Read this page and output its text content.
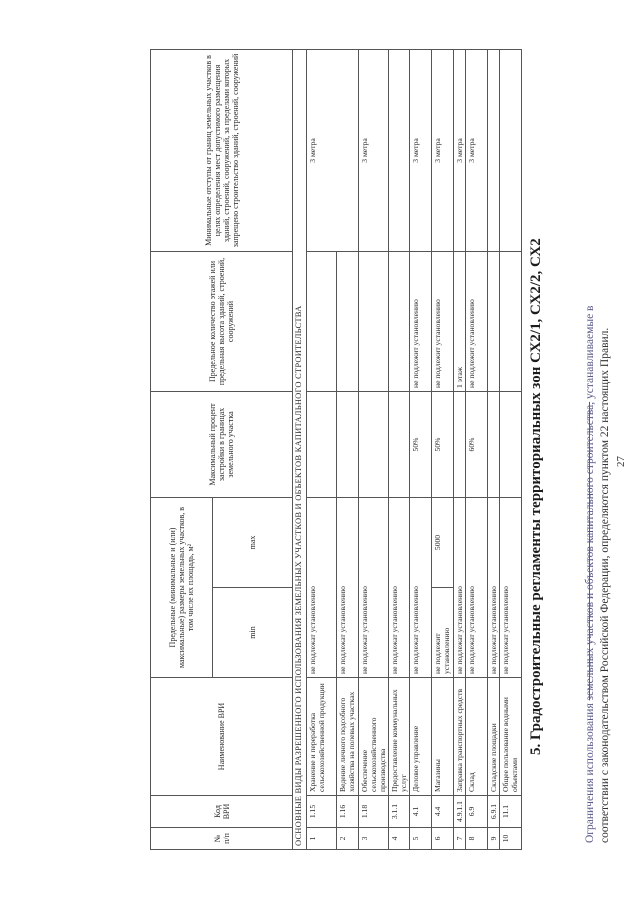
27
Ограничения использования земельных участков и объектов капитального строительства, устанавливаемые в соответствии с законодательством Российской Федерации, определяются пунктом 22 настоящих Правил.
5. Градостроительные регламенты территориальных зон СХ2/1, СХ2/2, СХ2
№ п/п	Код ВРИ	Наименование ВРИ	Предельные (минимальные и (или) максимальные) размеры земельных участков, в том числе их площадь, м²		Максимальный процент застройки в границах земельного участка	Предельное количество этажей или предельная высота зданий, строений, сооружений	Минимальные отступы от границ земельных участков в целях определения мест допустимого размещения зданий, строений, сооружений, за пределами которых запрещено строительство зданий, строений, сооружений
			min	max			
ОСНОВНЫЕ ВИДЫ РАЗРЕШЕННОГО ИСПОЛЬЗОВАНИЯ ЗЕМЕЛЬНЫХ УЧАСТКОВ И ОБЪЕКТОВ КАПИТАЛЬНОГО СТРОИТЕЛЬСТВА							
1	1.15	Хранение и переработка сельскохозяйственной продукции	не подлежат установлению				3 метра
2	1.16	Ведение личного подсобного хозяйства на полевых участках	не подлежат установлению				
3	1.18	Обеспечение сельскохозяйственного производства	не подлежат установлению				3 метра
4	3.1.1	Предоставление коммунальных услуг	не подлежат установлению				
5	4.1	Деловое управление	не подлежат установлению		50%	не подлежит установлению	3 метра
6	4.4	Магазины	не подлежит установлению	5000	50%	не подлежит установлению	3 метра
7	4.9.1.1	Заправка транспортных средств	не подлежат установлению			1 этаж	3 метра
8	6.9	Склад	не подлежат установлению		60%	не подлежит установлению	3 метра
9	6.9.1	Складские площадки	не подлежат установлению				
10	11.1	Общее пользование водными объектами	не подлежат установлению				
